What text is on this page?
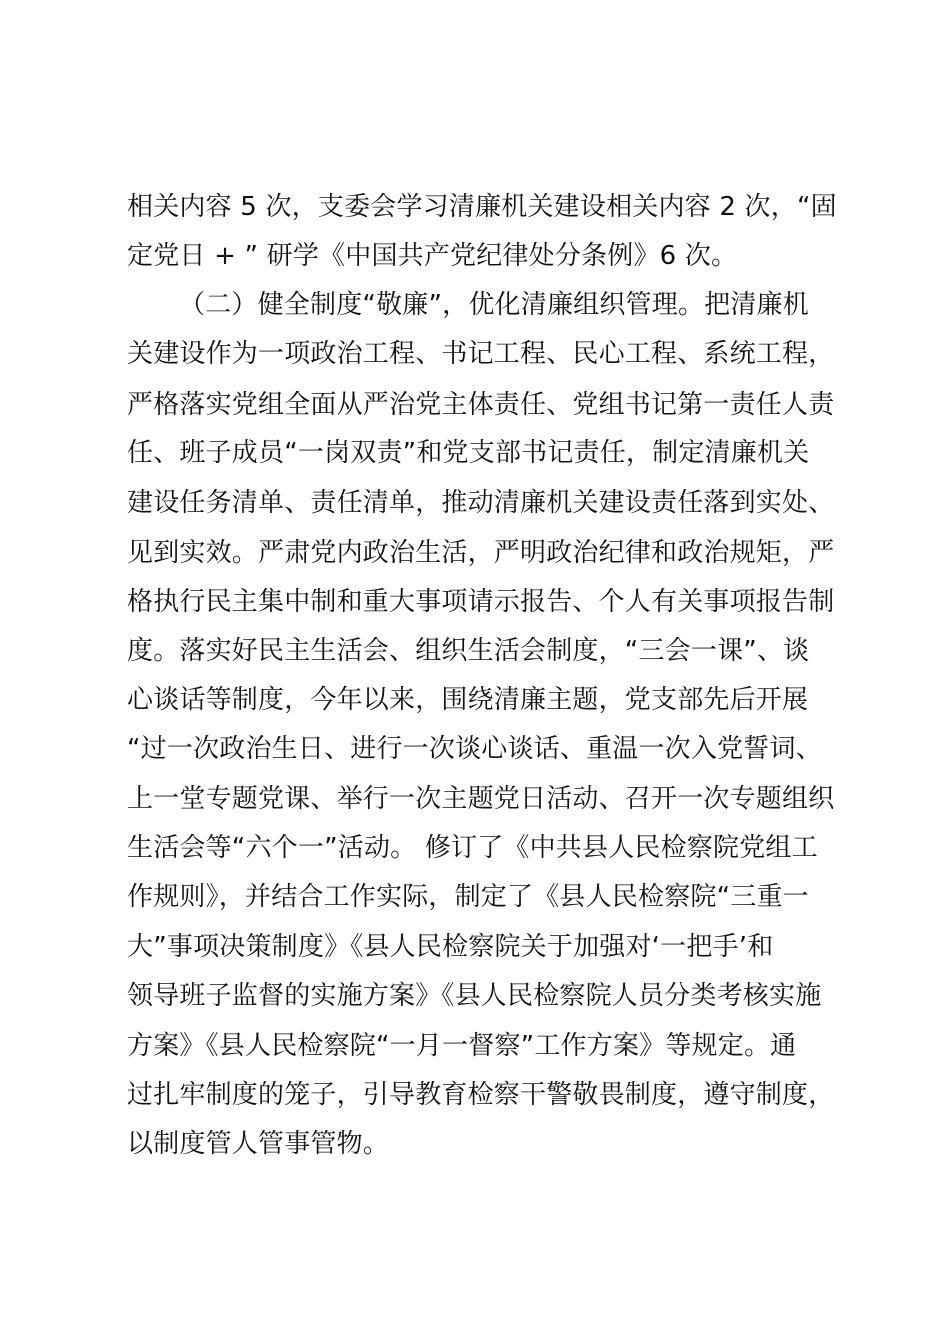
相关内容 5 次，支委会学习清廉机关建设相关内容 2 次，“固
定党日 + ” 研学《中国共产党纪律处分条例》6 次。
（二）健全制度“敬廉”，优化清廉组织管理。把清廉机
关建设作为一项政治工程、书记工程、民心工程、系统工程，
严格落实党组全面从严治党主体责任、党组书记第一责任人责
任、班子成员“一岗双责”和党支部书记责任，制定清廉机关
建设任务清单、责任清单，推动清廉机关建设责任落到实处、
见到实效。严肃党内政治生活，严明政治纪律和政治规矩，严
格执行民主集中制和重大事项请示报告、个人有关事项报告制
度。落实好民主生活会、组织生活会制度，“三会一课”、谈
心谈话等制度，今年以来，围绕清廉主题，党支部先后开展
“过一次政治生日、进行一次谈心谈话、重温一次入党誓词、
上一堂专题党课、举行一次主题党日活动、召开一次专题组织
生活会等“六个一”活动。 修订了《中共县人民检察院党组工
作规则》，并结合工作实际，制定了《县人民检察院“三重一
大”事项决策制度》《县人民检察院关于加强对‘一把手’和
领导班子监督的实施方案》《县人民检察院人员分类考核实施
方案》《县人民检察院“一月一督察”工作方案》等规定。通
过扎牢制度的笼子，引导教育检察干警敬畏制度，遵守制度，
以制度管人管事管物。
